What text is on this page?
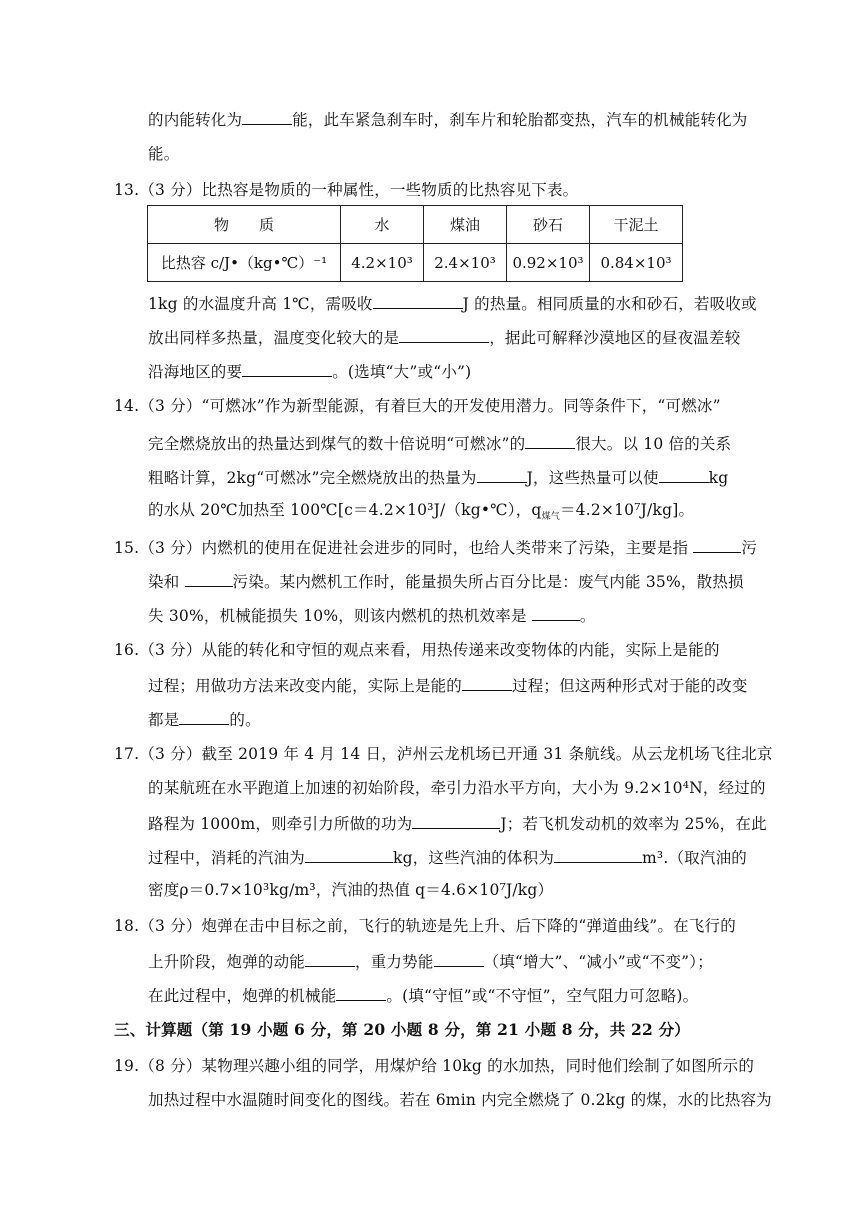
的内能转化为	能，此车紧急刹车时，刹车片和轮胎都变热，汽车的机械能转化为
能。
13.（3 分）比热容是物质的一种属性，一些物质的比热容见下表。
物　　质	水	煤油	砂石	干泥土
比热容 c/J•（kg•℃）⁻¹	4.2×10³	2.4×10³	0.92×10³	0.84×10³
1kg 的水温度升高 1℃，需吸收	J 的热量。相同质量的水和砂石，若吸收或
放出同样多热量，温度变化较大的是	，据此可解释沙漠地区的昼夜温差较
沿海地区的要	。(选填“大”或“小”)
14.（3 分）“可燃冰”作为新型能源，有着巨大的开发使用潜力。同等条件下，“可燃冰”
完全燃烧放出的热量达到煤气的数十倍说明“可燃冰”的	很大。以 10 倍的关系
粗略计算，2kg“可燃冰”完全燃烧放出的热量为	J，这些热量可以使	kg
的水从 20℃加热至 100℃[c＝4.2×10³J/（kg•℃），$q_{煤气}=4.2\times 10^7J/kg$]。
15.（3 分）内燃机的使用在促进社会进步的同时，也给人类带来了污染，主要是指	污
染和	污染。某内燃机工作时，能量损失所占百分比是：废气内能 35%，散热损
失 30%，机械能损失 10%，则该内燃机的热机效率是	。
16.（3 分）从能的转化和守恒的观点来看，用热传递来改变物体的内能，实际上是能的
过程；用做功方法来改变内能，实际上是能的	过程；但这两种形式对于能的改变
都是	的。
17.（3 分）截至 2019 年 4 月 14 日，泸州云龙机场已开通 31 条航线。从云龙机场飞往北京
的某航班在水平跑道上加速的初始阶段，牵引力沿水平方向，大小为 9.2×10⁴N，经过的
路程为 1000m，则牵引力所做的功为	J；若飞机发动机的效率为 25%，在此
过程中，消耗的汽油为	kg，这些汽油的体积为	m³.（取汽油的
密度ρ＝0.7×10³kg/m³，汽油的热值 q＝4.6×10⁷J/kg）
18.（3 分）炮弹在击中目标之前，飞行的轨迹是先上升、后下降的“弹道曲线”。在飞行的
上升阶段，炮弹的动能	，重力势能	（填“增大”、“减小”或“不变”）；
在此过程中，炮弹的机械能	。(填“守恒”或“不守恒”，空气阻力可忽略)。
三、计算题（第 19 小题 6 分，第 20 小题 8 分，第 21 小题 8 分，共 22 分）
19.（8 分）某物理兴趣小组的同学，用煤炉给 10kg 的水加热，同时他们绘制了如图所示的
加热过程中水温随时间变化的图线。若在 6min 内完全燃烧了 0.2kg 的煤，水的比热容为
